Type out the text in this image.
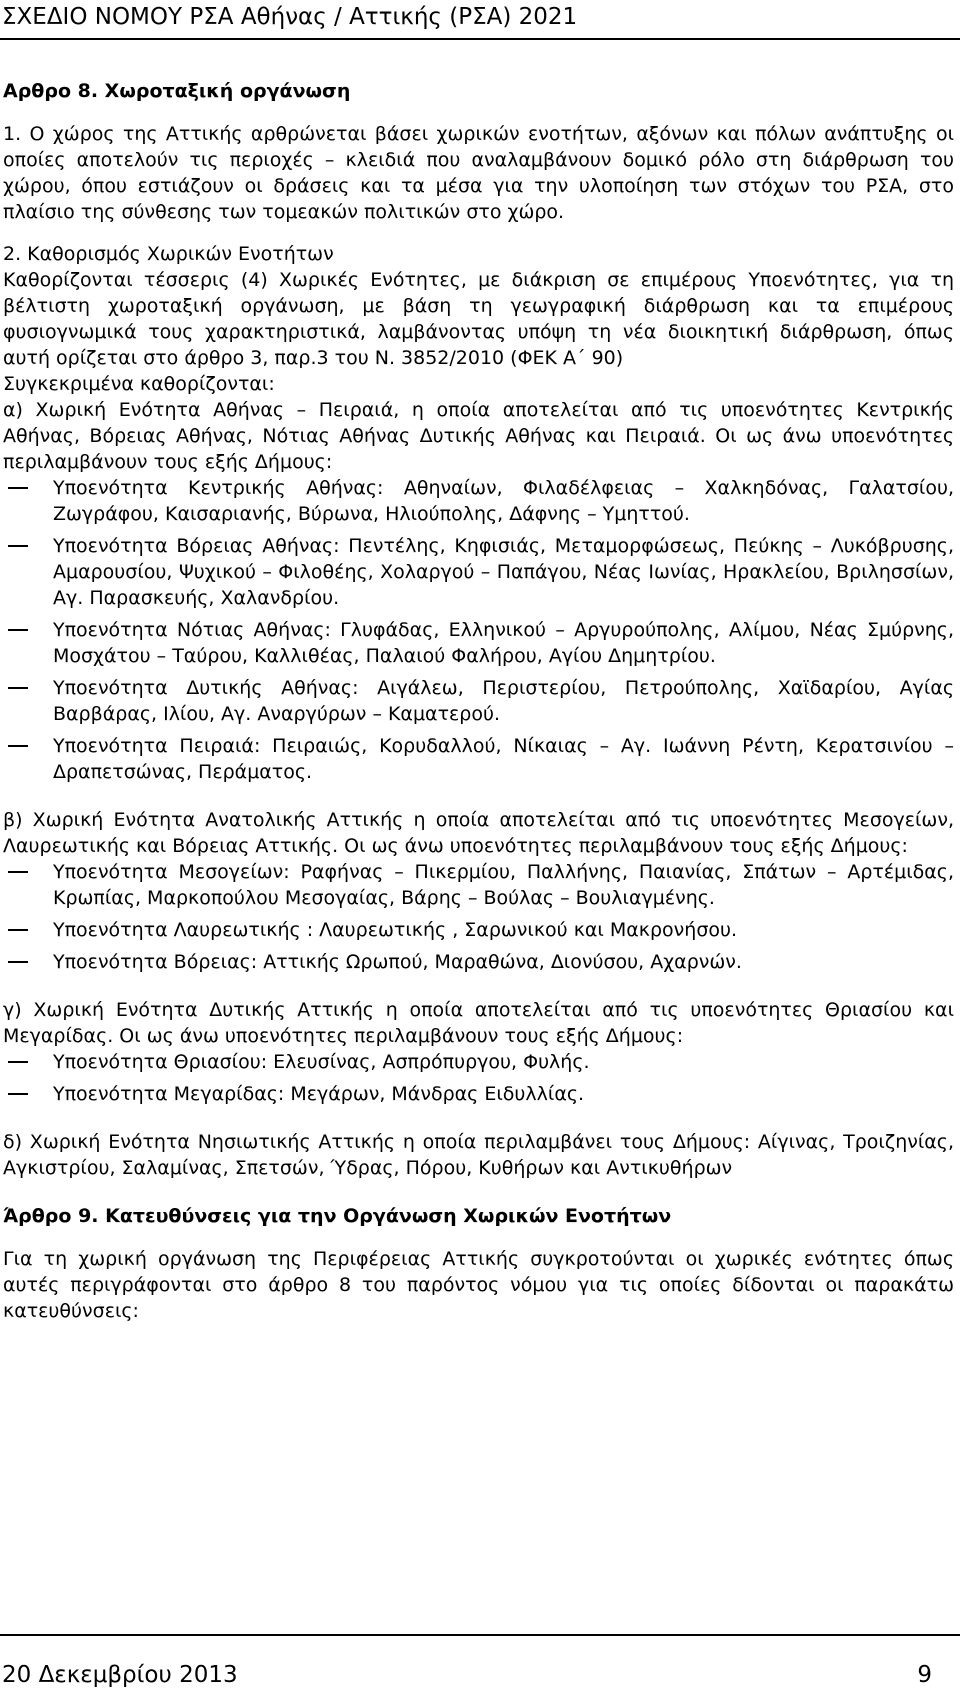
ΣΧΕΔΙΟ ΝΟΜΟΥ ΡΣΑ Αθήνας / Αττικής (ΡΣΑ) 2021

Αρθρο 8. Χωροταξική οργάνωση

1. Ο χώρος της Αττικής αρθρώνεται βάσει χωρικών ενοτήτων, αξόνων και πόλων ανάπτυξης οι οποίες αποτελούν τις περιοχές – κλειδιά που αναλαμβάνουν δομικό ρόλο στη διάρθρωση του χώρου, όπου εστιάζουν οι δράσεις και τα μέσα για την υλοποίηση των στόχων του ΡΣΑ, στο πλαίσιο της σύνθεσης των τομεακών πολιτικών στο χώρο.

2. Καθορισμός Χωρικών Ενοτήτων

Καθορίζονται τέσσερις (4) Χωρικές Ενότητες, με διάκριση σε επιμέρους Υποενότητες, για τη βέλτιστη χωροταξική οργάνωση, με βάση τη γεωγραφική διάρθρωση και τα επιμέρους φυσιογνωμικά τους χαρακτηριστικά, λαμβάνοντας υπόψη τη νέα διοικητική διάρθρωση, όπως αυτή ορίζεται στο άρθρο 3, παρ.3 του Ν. 3852/2010 (ΦΕΚ Α΄ 90)

Συγκεκριμένα καθορίζονται:

α) Χωρική Ενότητα Αθήνας – Πειραιά, η οποία αποτελείται από τις υποενότητες Κεντρικής Αθήνας, Βόρειας Αθήνας, Νότιας Αθήνας Δυτικής Αθήνας και Πειραιά. Οι ως άνω υποενότητες περιλαμβάνουν τους εξής Δήμους:

Υποενότητα Κεντρικής Αθήνας: Αθηναίων, Φιλαδέλφειας – Χαλκηδόνας, Γαλατσίου, Ζωγράφου, Καισαριανής, Βύρωνα, Ηλιούπολης, Δάφνης – Υμηττού.
Υποενότητα Βόρειας Αθήνας: Πεντέλης, Κηφισιάς, Μεταμορφώσεως, Πεύκης – Λυκόβρυσης, Αμαρουσίου, Ψυχικού – Φιλοθέης, Χολαργού – Παπάγου, Νέας Ιωνίας, Ηρακλείου, Βριλησσίων, Αγ. Παρασκευής, Χαλανδρίου.
Υποενότητα Νότιας Αθήνας: Γλυφάδας, Ελληνικού – Αργυρούπολης, Αλίμου, Νέας Σμύρνης, Μοσχάτου – Ταύρου, Καλλιθέας, Παλαιού Φαλήρου, Αγίου Δημητρίου.
Υποενότητα Δυτικής Αθήνας: Αιγάλεω, Περιστερίου, Πετρούπολης, Χαϊδαρίου, Αγίας Βαρβάρας, Ιλίου, Αγ. Αναργύρων – Καματερού.
Υποενότητα Πειραιά: Πειραιώς, Κορυδαλλού, Νίκαιας – Αγ. Ιωάννη Ρέντη, Κερατσινίου – Δραπετσώνας, Περάματος.

β) Χωρική Ενότητα Ανατολικής Αττικής η οποία αποτελείται από τις υποενότητες Μεσογείων, Λαυρεωτικής και Βόρειας Αττικής. Οι ως άνω υποενότητες περιλαμβάνουν τους εξής Δήμους:

Υποενότητα Μεσογείων: Ραφήνας – Πικερμίου, Παλλήνης, Παιανίας, Σπάτων – Αρτέμιδας, Κρωπίας, Μαρκοπούλου Μεσογαίας, Βάρης – Βούλας – Βουλιαγμένης.
Υποενότητα Λαυρεωτικής : Λαυρεωτικής , Σαρωνικού και Μακρονήσου.
Υποενότητα Βόρειας: Αττικής Ωρωπού, Μαραθώνα, Διονύσου, Αχαρνών.

γ) Χωρική Ενότητα Δυτικής Αττικής η οποία αποτελείται από τις υποενότητες Θριασίου και Μεγαρίδας. Οι ως άνω υποενότητες περιλαμβάνουν τους εξής Δήμους:

Υποενότητα Θριασίου: Ελευσίνας, Ασπρόπυργου, Φυλής.
Υποενότητα Μεγαρίδας: Μεγάρων, Μάνδρας Ειδυλλίας.

δ) Χωρική Ενότητα Νησιωτικής Αττικής η οποία περιλαμβάνει τους Δήμους: Αίγινας, Τροιζηνίας, Αγκιστρίου, Σαλαμίνας, Σπετσών, Ύδρας, Πόρου, Κυθήρων και Αντικυθήρων

Άρθρο 9. Κατευθύνσεις για την Οργάνωση Χωρικών Ενοτήτων

Για τη χωρική οργάνωση της Περιφέρειας Αττικής συγκροτούνται οι χωρικές ενότητες όπως αυτές περιγράφονται στο άρθρο 8 του παρόντος νόμου για τις οποίες δίδονται οι παρακάτω κατευθύνσεις:

20 Δεκεμβρίου 2013	9
